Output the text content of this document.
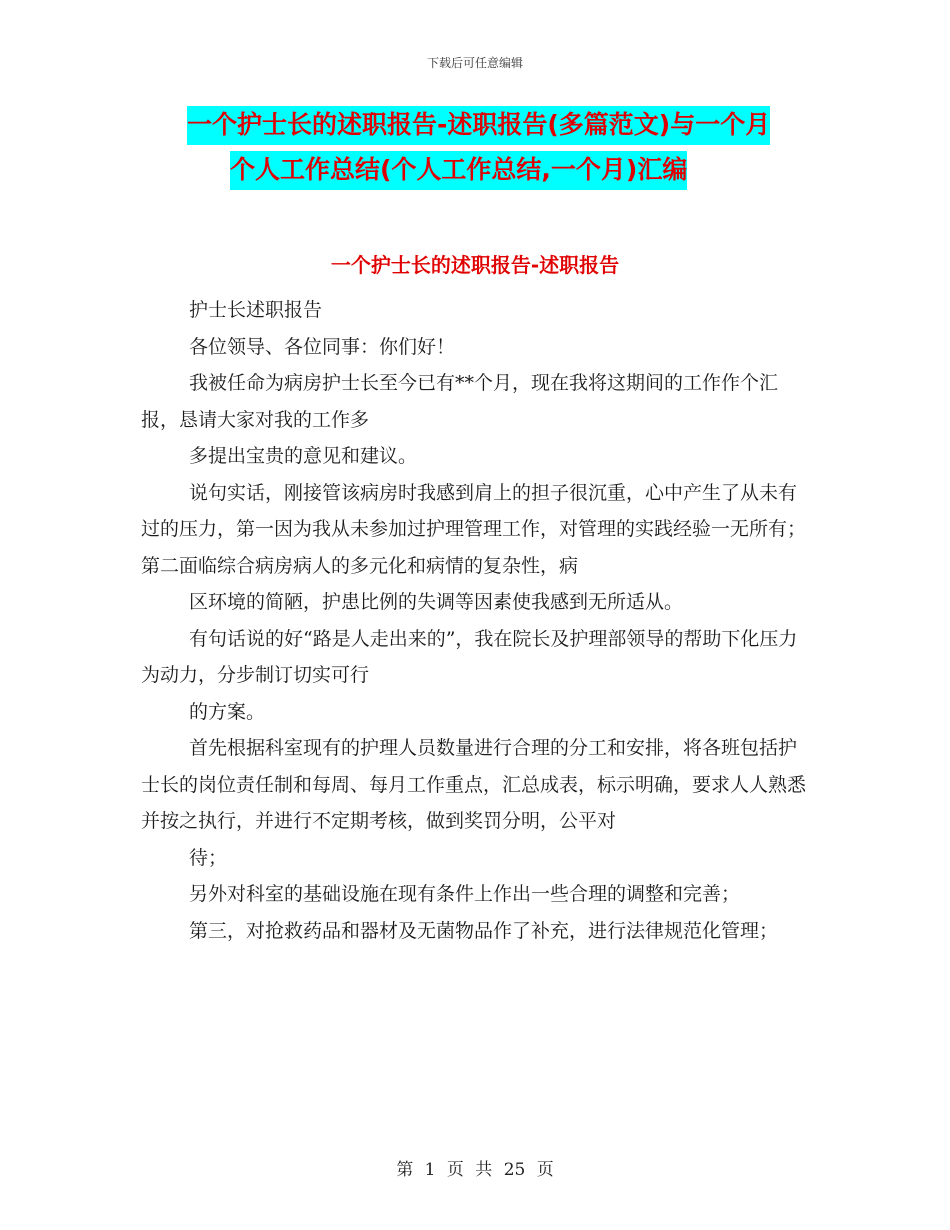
下载后可任意编辑
一个护士长的述职报告-述职报告(多篇范文)与一个月
个人工作总结(个人工作总结,一个月)汇编
一个护士长的述职报告-述职报告

护士长述职报告

各位领导、各位同事：你们好！

我被任命为病房护士长至今已有**个月，现在我将这期间的工作作个汇报，恳请大家对我的工作多

多提出宝贵的意见和建议。

说句实话，刚接管该病房时我感到肩上的担子很沉重，心中产生了从未有过的压力，第一因为我从未参加过护理管理工作，对管理的实践经验一无所有；第二面临综合病房病人的多元化和病情的复杂性，病

区环境的简陋，护患比例的失调等因素使我感到无所适从。

有句话说的好“路是人走出来的”，我在院长及护理部领导的帮助下化压力为动力，分步制订切实可行

的方案。

首先根据科室现有的护理人员数量进行合理的分工和安排，将各班包括护士长的岗位责任制和每周、每月工作重点，汇总成表，标示明确，要求人人熟悉并按之执行，并进行不定期考核，做到奖罚分明，公平对

待；

另外对科室的基础设施在现有条件上作出一些合理的调整和完善；

第三，对抢救药品和器材及无菌物品作了补充，进行法律规范化管理；

第 1 页 共 25 页
